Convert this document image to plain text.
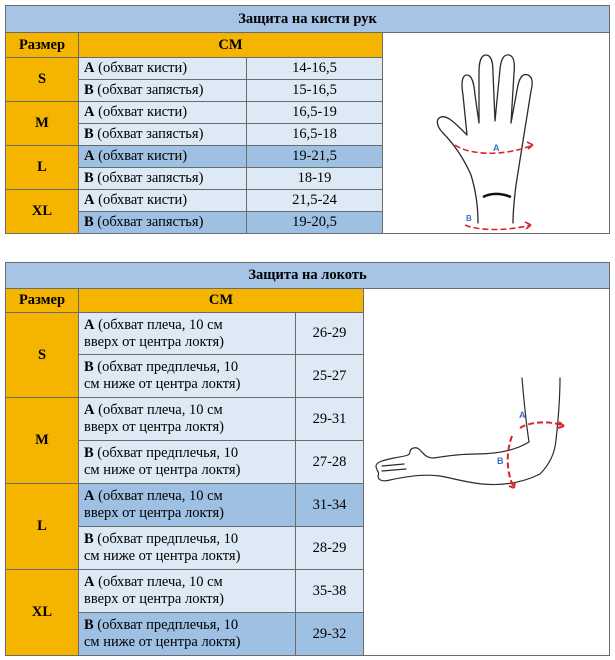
Защита на кисти рук			
Размер	СМ		A
B

S	A (обхват кисти)	14-16,5	
	B (обхват запястья)	15-16,5	
M	A (обхват кисти)	16,5-19	
	B (обхват запястья)	16,5-18	
L	A (обхват кисти)	19-21,5	
	B (обхват запястья)	18-19	
XL	A (обхват кисти)	21,5-24	
	B (обхват запястья)	19-20,5	
Защита на локоть			
Размер	СМ		A
B

S	A (обхват плеча, 10 см
вверх от центра локтя)	26-29	
	B (обхват предплечья, 10
см ниже от центра локтя)	25-27	
M	A (обхват плеча, 10 см
вверх от центра локтя)	29-31	
	B (обхват предплечья, 10
см ниже от центра локтя)	27-28	
L	A (обхват плеча, 10 см
вверх от центра локтя)	31-34	
	B (обхват предплечья, 10
см ниже от центра локтя)	28-29	
XL	A (обхват плеча, 10 см
вверх от центра локтя)	35-38	
	B (обхват предплечья, 10
см ниже от центра локтя)	29-32	
